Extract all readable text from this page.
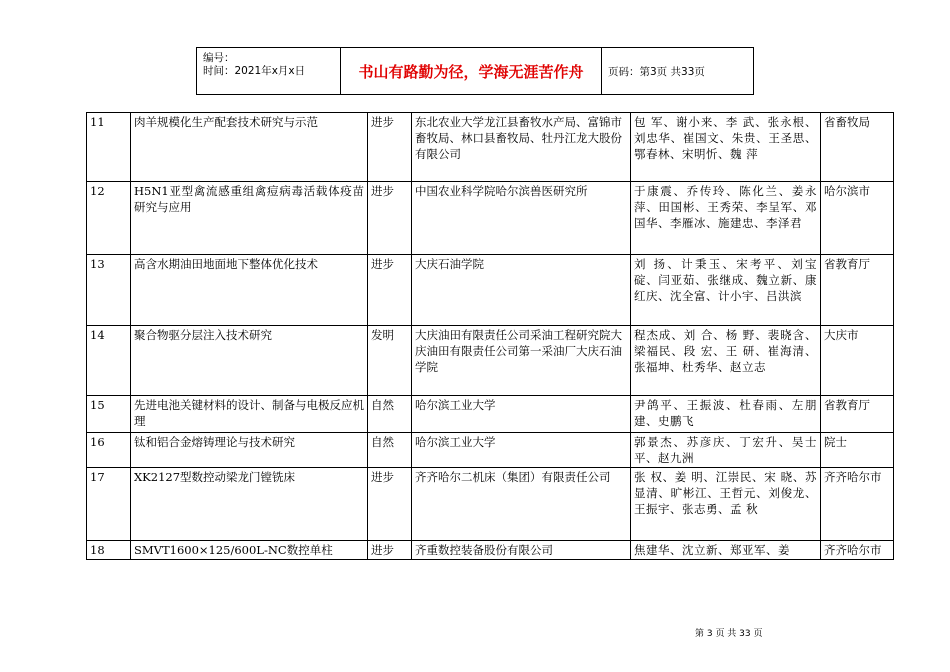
编号：
时间：2021年x月x日	书山有路勤为径，学海无涯苦作舟	页码：第3页 共33页
11	肉羊规模化生产配套技术研究与示范	进步	东北农业大学龙江县畜牧水产局、富锦市畜牧局、林口县畜牧局、牡丹江龙大股份有限公司	包 军、谢小来、李 武、张永根、刘忠华、崔国文、朱贵、王圣思、鄂春林、宋明忻、魏 萍	省畜牧局
12	H5N1亚型禽流感重组禽痘病毒活载体疫苗研究与应用	进步	中国农业科学院哈尔滨兽医研究所	于康震、乔传玲、陈化兰、姜永萍、田国彬、王秀荣、李呈军、邓国华、李雁冰、施建忠、李泽君	哈尔滨市
13	高含水期油田地面地下整体优化技术	进步	大庆石油学院	刘 扬、计秉玉、宋考平、刘宝碇、闫亚茹、张继成、魏立新、康红庆、沈全富、计小宇、吕洪滨	省教育厅
14	聚合物驱分层注入技术研究	发明	大庆油田有限责任公司采油工程研究院大庆油田有限责任公司第一采油厂大庆石油学院	程杰成、刘 合、杨 野、裴晓含、梁福民、段 宏、王 研、崔海清、张福坤、杜秀华、赵立志	大庆市
15	先进电池关键材料的设计、制备与电极反应机理	自然	哈尔滨工业大学	尹鸽平、王振波、杜春雨、左朋建、史鹏飞	省教育厅
16	钛和铝合金熔铸理论与技术研究	自然	哈尔滨工业大学	郭景杰、苏彦庆、丁宏升、吴士平、赵九洲	院士
17	XK2127型数控动梁龙门镗铣床	进步	齐齐哈尔二机床（集团）有限责任公司	张 权、姜 明、江崇民、宋 晓、苏显清、旷彬江、王哲元、刘俊龙、王振宇、张志勇、孟 秋	齐齐哈尔市
18	SMVT1600×125/600L-NC数控单柱	进步	齐重数控装备股份有限公司	焦建华、沈立新、郑亚军、姜	齐齐哈尔市
第 3 页 共 33 页
